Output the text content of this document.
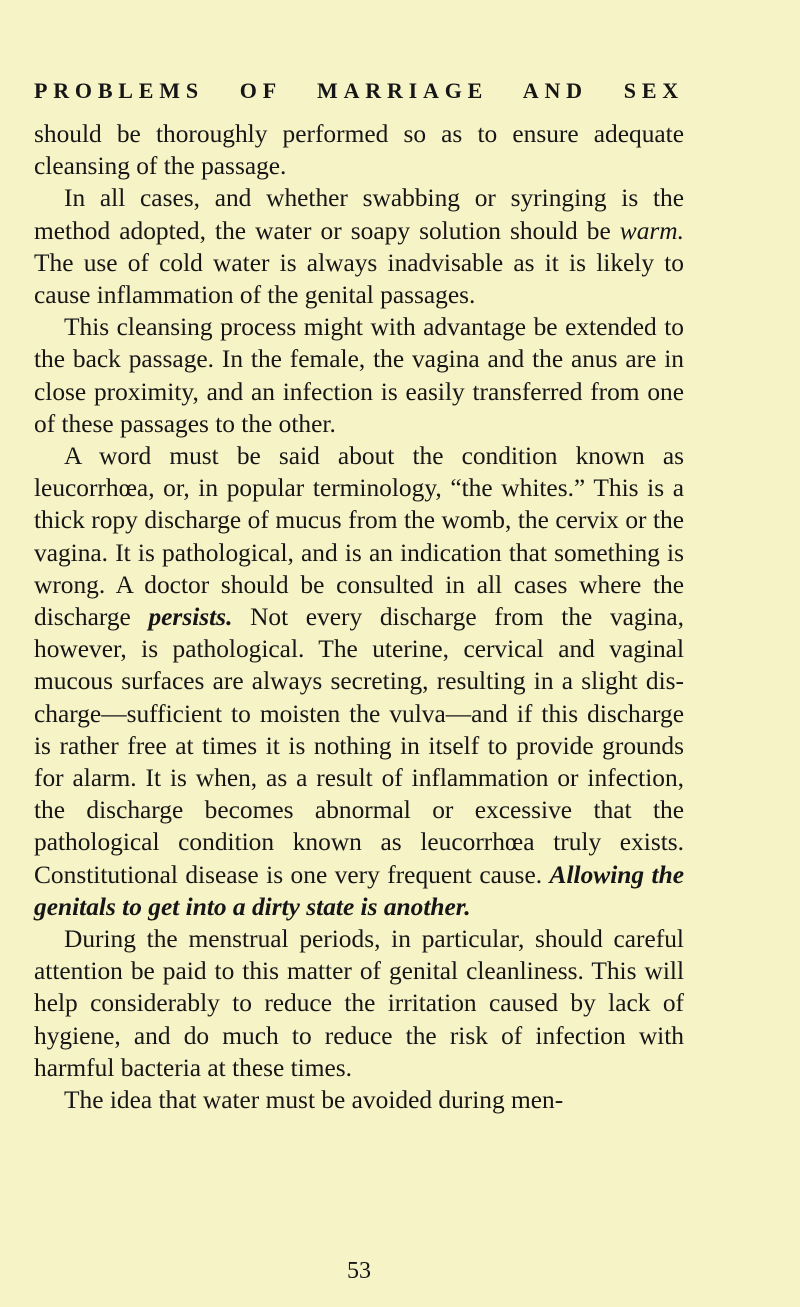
PROBLEMS OF MARRIAGE AND SEX

should be thoroughly performed so as to ensure adequate cleansing of the passage.

In all cases, and whether swabbing or syringing is the method adopted, the water or soapy solution should be warm. The use of cold water is always inadvisable as it is likely to cause inflammation of the genital passages.

This cleansing process might with advantage be extended to the back passage. In the female, the vagina and the anus are in close proximity, and an infection is easily transferred from one of these passages to the other.

A word must be said about the condition known as leucorrhœa, or, in popular terminology, “the whites.” This is a thick ropy discharge of mucus from the womb, the cervix or the vagina. It is pathological, and is an indication that something is wrong. A doctor should be consulted in all cases where the discharge persists. Not every discharge from the vagina, however, is pathological. The uterine, cervical and vaginal mucous surfaces are always secreting, resulting in a slight dis-charge—sufficient to moisten the vulva—and if this discharge is rather free at times it is nothing in itself to provide grounds for alarm. It is when, as a result of inflammation or infection, the discharge becomes abnormal or excessive that the pathological condition known as leucorrhœa truly exists. Constitutional disease is one very frequent cause. Allowing the genitals to get into a dirty state is another.

During the menstrual periods, in particular, should careful attention be paid to this matter of genital cleanliness. This will help considerably to reduce the irritation caused by lack of hygiene, and do much to reduce the risk of infection with harmful bacteria at these times.

The idea that water must be avoided during men-

53
